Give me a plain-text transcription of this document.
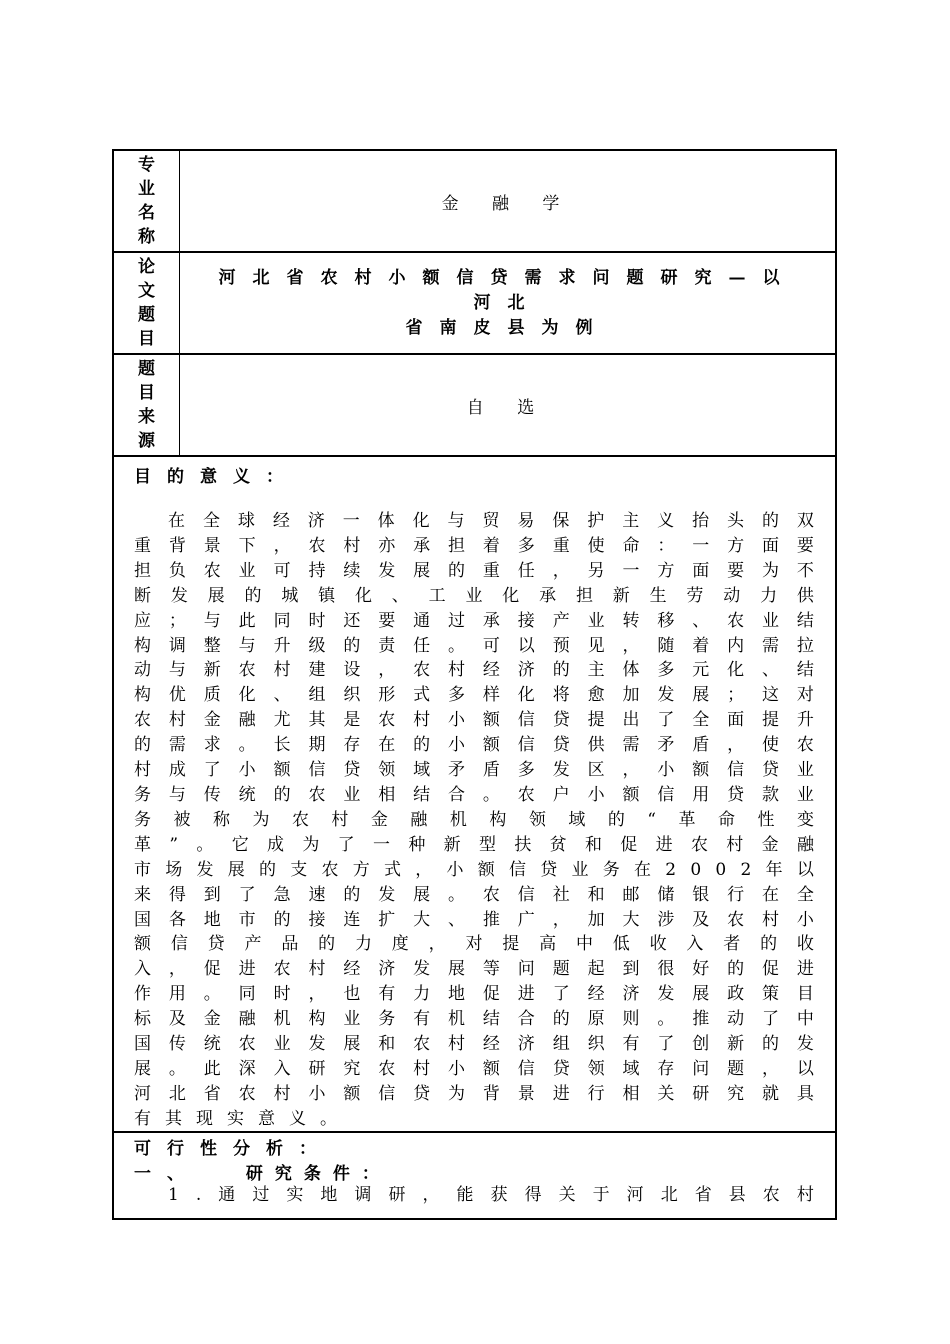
专
业
名
称
金 融 学
论
文
题
目
河北省农村小额信贷需求问题研究—以河北
省南皮县为例
题
目
来
源
自 选
目的意义：
在 全 球 经 济 一 体 化 与 贸 易 保 护 主 义 抬 头 的 双
重 背 景 下 ， 农 村 亦 承 担 着 多 重 使 命 ： 一 方 面 要
担 负 农 业 可 持 续 发 展 的 重 任 ， 另 一 方 面 要 为 不
断 发 展 的 城 镇 化 、 工 业 化 承 担 新 生 劳 动 力 供
应 ； 与 此 同 时 还 要 通 过 承 接 产 业 转 移 、 农 业 结
构 调 整 与 升 级 的 责 任 。 可 以 预 见 ， 随 着 内 需 拉
动 与 新 农 村 建 设 ， 农 村 经 济 的 主 体 多 元 化 、 结
构 优 质 化 、 组 织 形 式 多 样 化 将 愈 加 发 展 ； 这 对
农 村 金 融 尤 其 是 农 村 小 额 信 贷 提 出 了 全 面 提 升
的 需 求 。 长 期 存 在 的 小 额 信 贷 供 需 矛 盾 ， 使 农
村 成 了 小 额 信 贷 领 域 矛 盾 多 发 区 ， 小 额 信 贷 业
务 与 传 统 的 农 业 相 结 合 。 农 户 小 额 信 用 贷 款 业
务 被 称 为 农 村 金 融 机 构 领 域 的 “ 革 命 性 变
革 ” 。 它 成 为 了 一 种 新 型 扶 贫 和 促 进 农 村 金 融
市 场 发 展 的 支 农 方 式 ， 小 额 信 贷 业 务 在 2 0 0 2 年 以
来 得 到 了 急 速 的 发 展 。 农 信 社 和 邮 储 银 行 在 全
国 各 地 市 的 接 连 扩 大 、 推 广 ， 加 大 涉 及 农 村 小
额 信 贷 产 品 的 力 度 ， 对 提 高 中 低 收 入 者 的 收
入 ， 促 进 农 村 经 济 发 展 等 问 题 起 到 很 好 的 促 进
作 用 。 同 时 ， 也 有 力 地 促 进 了 经 济 发 展 政 策 目
标 及 金 融 机 构 业 务 有 机 结 合 的 原 则 。 推 动 了 中
国 传 统 农 业 发 展 和 农 村 经 济 组 织 有 了 创 新 的 发
展 。 此 深 入 研 究 农 村 小 额 信 贷 领 域 存 问 题 ， 以
河 北 省 农 村 小 额 信 贷 为 背 景 进 行 相 关 研 究 就 具
有其现实意义。
可行性分析：
一、	研究条件：
1 . 通 过 实 地 调 研 ， 能 获 得 关 于 河 北 省 县 农 村
